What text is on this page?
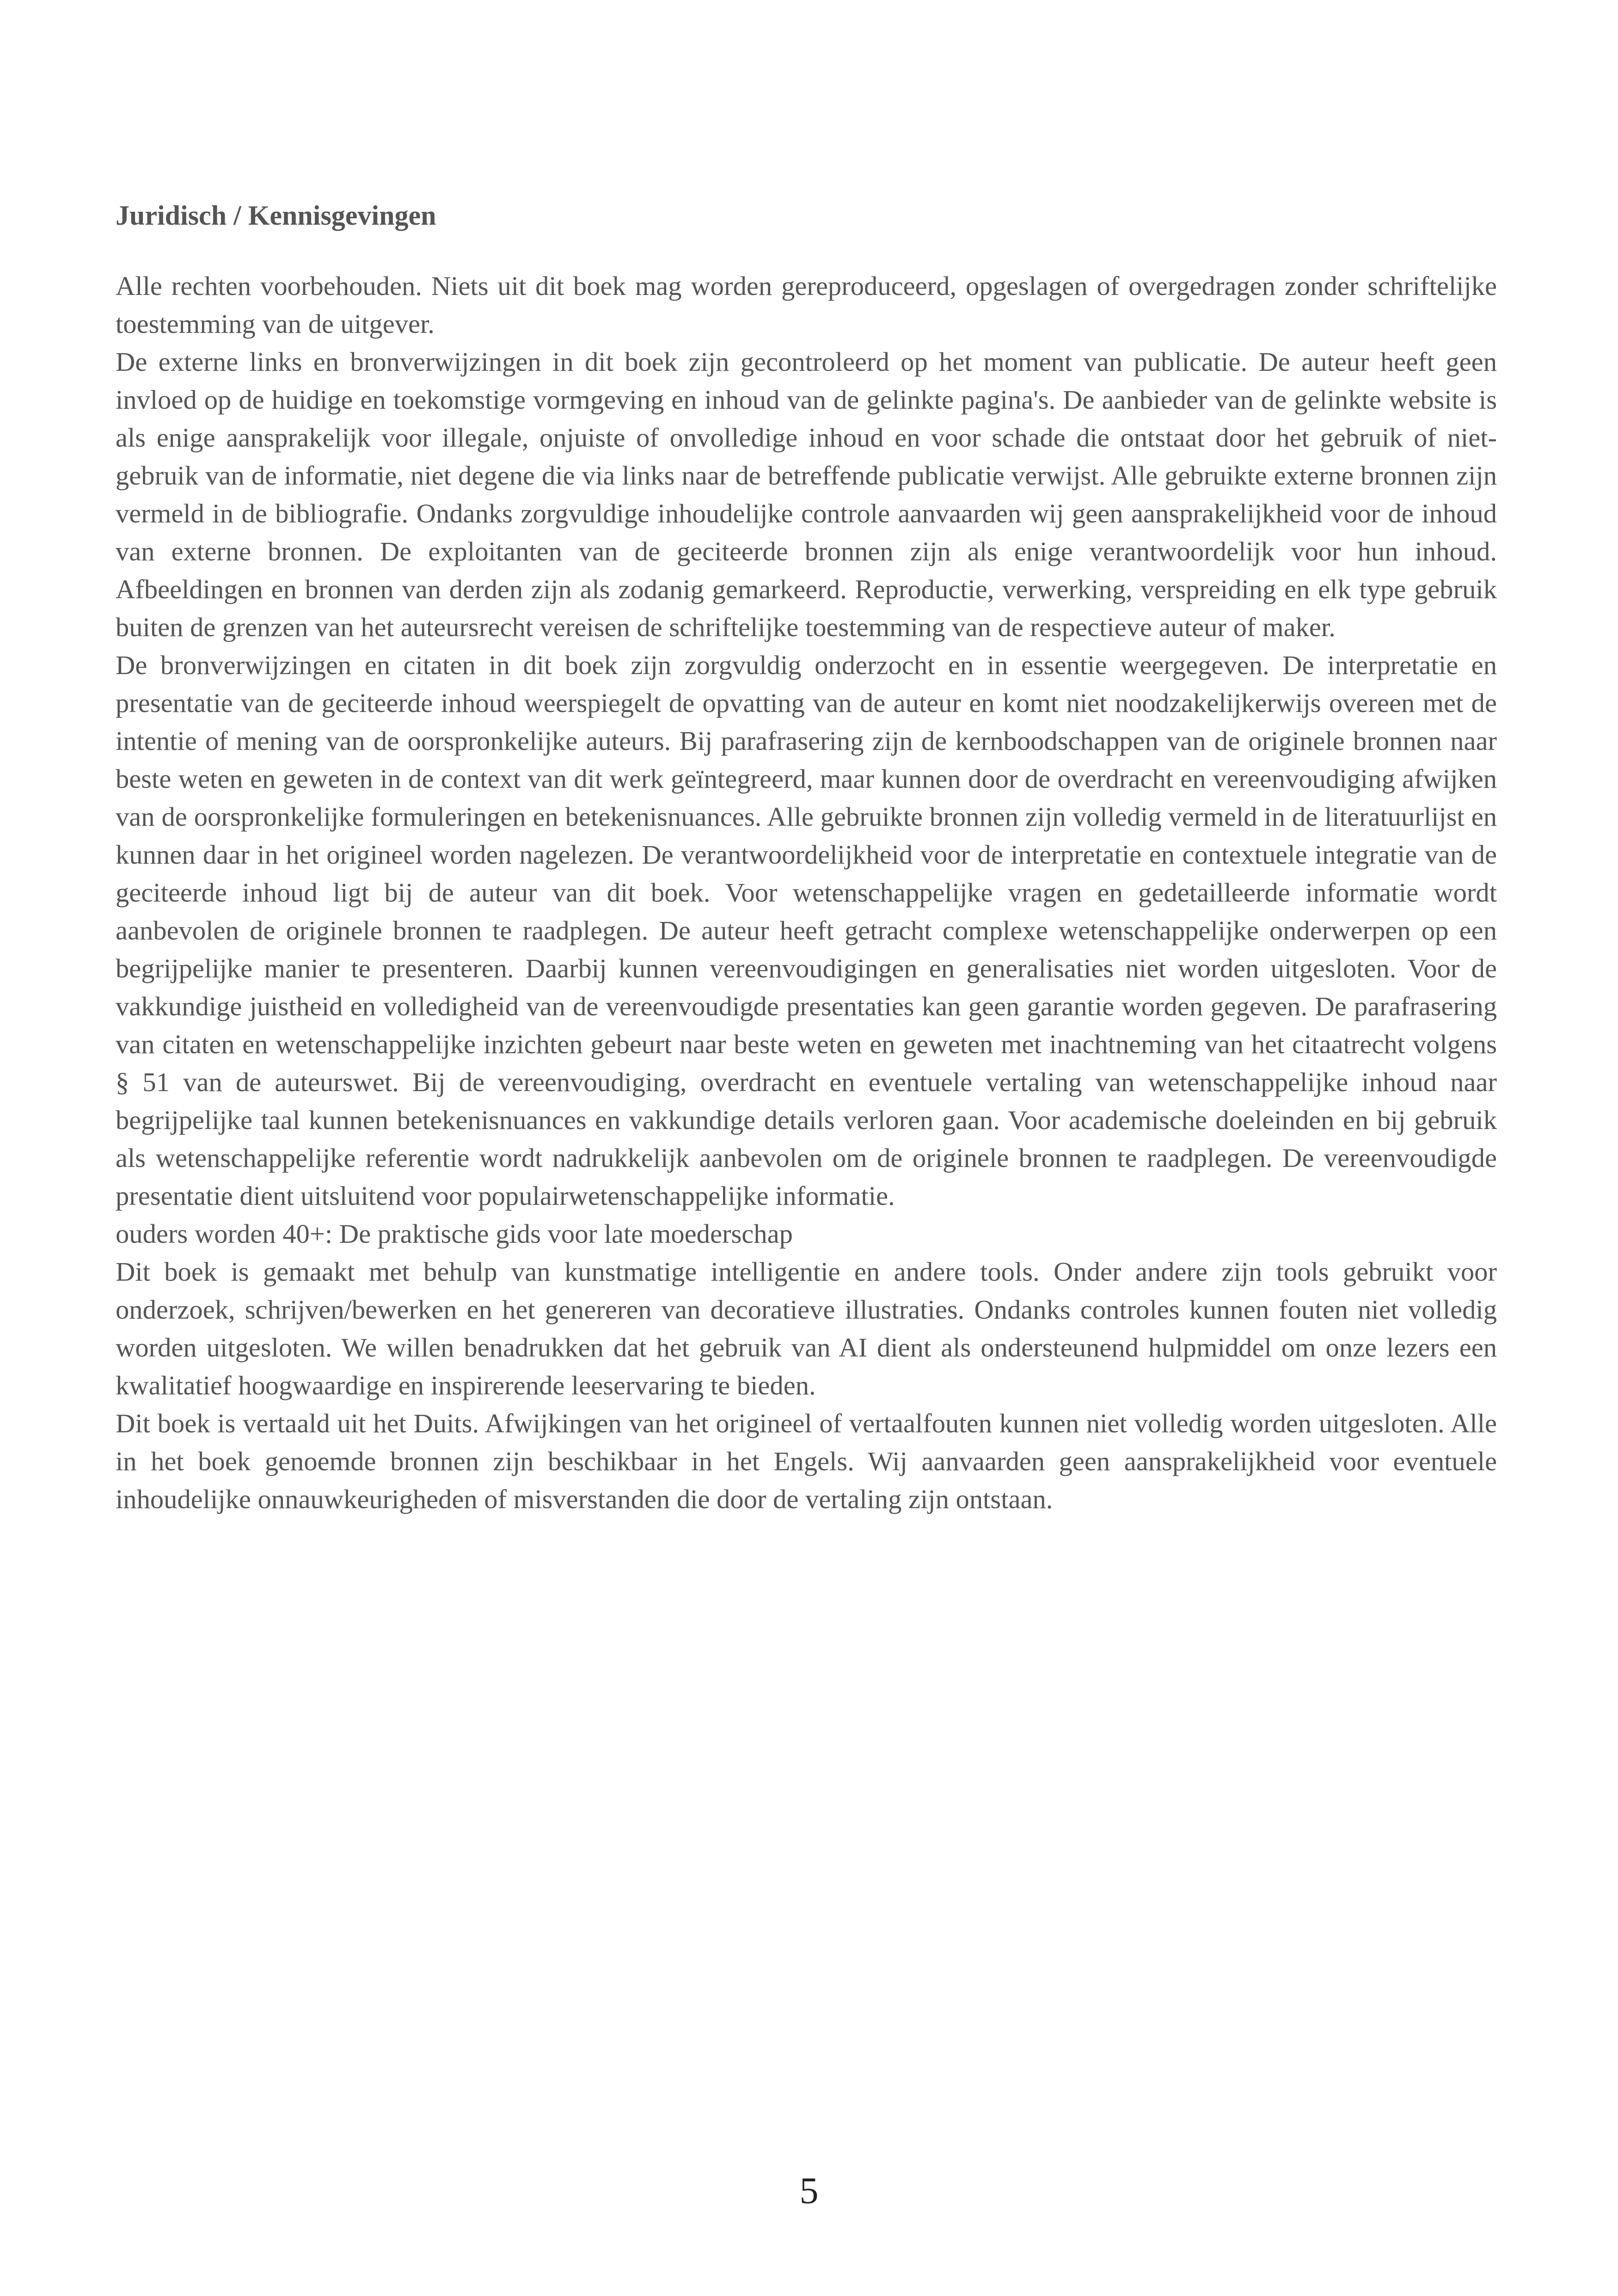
Juridisch / Kennisgevingen

Alle rechten voorbehouden. Niets uit dit boek mag worden gereproduceerd, opgeslagen of overgedragen zonder schriftelijke toestemming van de uitgever.

De externe links en bronverwijzingen in dit boek zijn gecontroleerd op het moment van publicatie. De auteur heeft geen invloed op de huidige en toekomstige vormgeving en inhoud van de gelinkte pagina's. De aanbieder van de gelinkte website is als enige aansprakelijk voor illegale, onjuiste of onvolledige inhoud en voor schade die ontstaat door het gebruik of niet-gebruik van de informatie, niet degene die via links naar de betreffende publicatie verwijst. Alle gebruikte externe bronnen zijn vermeld in de bibliografie. Ondanks zorgvuldige inhoudelijke controle aanvaarden wij geen aansprakelijkheid voor de inhoud van externe bronnen. De exploitanten van de geciteerde bronnen zijn als enige verantwoordelijk voor hun inhoud. Afbeeldingen en bronnen van derden zijn als zodanig gemarkeerd. Reproductie, verwerking, verspreiding en elk type gebruik buiten de grenzen van het auteursrecht vereisen de schriftelijke toestemming van de respectieve auteur of maker.

De bronverwijzingen en citaten in dit boek zijn zorgvuldig onderzocht en in essentie weergegeven. De interpretatie en presentatie van de geciteerde inhoud weerspiegelt de opvatting van de auteur en komt niet noodzakelijkerwijs overeen met de intentie of mening van de oorspronkelijke auteurs. Bij parafrasering zijn de kernboodschappen van de originele bronnen naar beste weten en geweten in de context van dit werk geïntegreerd, maar kunnen door de overdracht en vereenvoudiging afwijken van de oorspronkelijke formuleringen en betekenisnuances. Alle gebruikte bronnen zijn volledig vermeld in de literatuurlijst en kunnen daar in het origineel worden nagelezen. De verantwoordelijkheid voor de interpretatie en contextuele integratie van de geciteerde inhoud ligt bij de auteur van dit boek. Voor wetenschappelijke vragen en gedetailleerde informatie wordt aanbevolen de originele bronnen te raadplegen. De auteur heeft getracht complexe wetenschappelijke onderwerpen op een begrijpelijke manier te presenteren. Daarbij kunnen vereenvoudigingen en generalisaties niet worden uitgesloten. Voor de vakkundige juistheid en volledigheid van de vereenvoudigde presentaties kan geen garantie worden gegeven. De parafrasering van citaten en wetenschappelijke inzichten gebeurt naar beste weten en geweten met inachtneming van het citaatrecht volgens § 51 van de auteurswet. Bij de vereenvoudiging, overdracht en eventuele vertaling van wetenschappelijke inhoud naar begrijpelijke taal kunnen betekenisnuances en vakkundige details verloren gaan. Voor academische doeleinden en bij gebruik als wetenschappelijke referentie wordt nadrukkelijk aanbevolen om de originele bronnen te raadplegen. De vereenvoudigde presentatie dient uitsluitend voor populairwetenschappelijke informatie.

ouders worden 40+: De praktische gids voor late moederschap

Dit boek is gemaakt met behulp van kunstmatige intelligentie en andere tools. Onder andere zijn tools gebruikt voor onderzoek, schrijven/bewerken en het genereren van decoratieve illustraties. Ondanks controles kunnen fouten niet volledig worden uitgesloten. We willen benadrukken dat het gebruik van AI dient als ondersteunend hulpmiddel om onze lezers een kwalitatief hoogwaardige en inspirerende leeservaring te bieden.

Dit boek is vertaald uit het Duits. Afwijkingen van het origineel of vertaalfouten kunnen niet volledig worden uitgesloten. Alle in het boek genoemde bronnen zijn beschikbaar in het Engels. Wij aanvaarden geen aansprakelijkheid voor eventuele inhoudelijke onnauwkeurigheden of misverstanden die door de vertaling zijn ontstaan.

5
